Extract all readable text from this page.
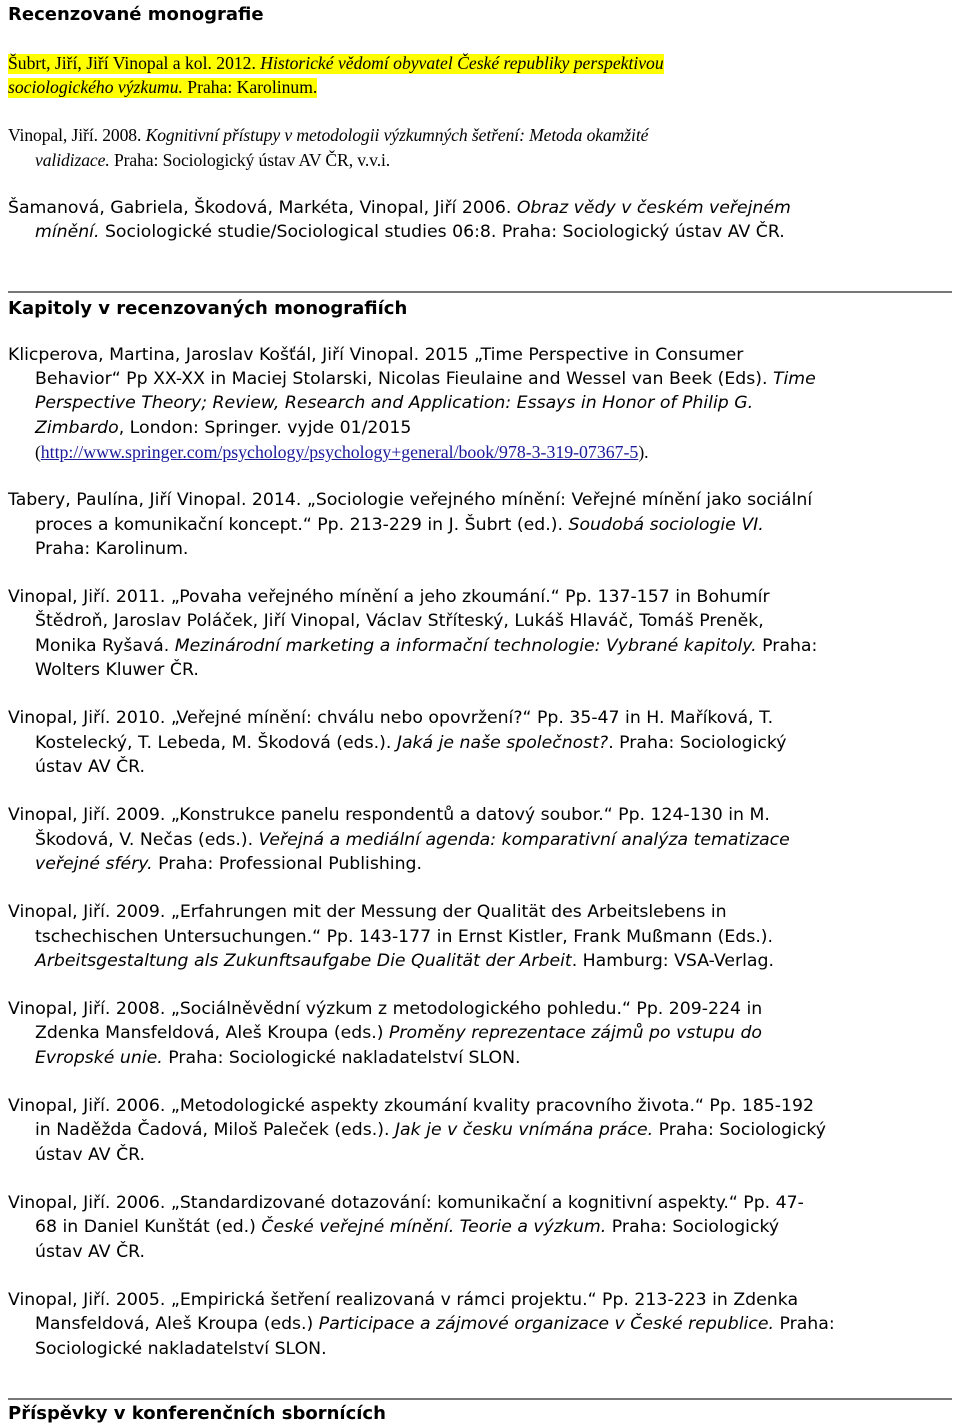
Recenzované monografie
Šubrt, Jiří, Jiří Vinopal a kol. 2012. Historické vědomí obyvatel České republiky perspektivou
sociologického výzkumu. Praha: Karolinum.
Vinopal, Jiří. 2008. Kognitivní přístupy v metodologii výzkumných šetření: Metoda okamžité
validizace. Praha: Sociologický ústav AV ČR, v.v.i.
Šamanová, Gabriela, Škodová, Markéta, Vinopal, Jiří 2006. Obraz vědy v českém veřejném
mínění. Sociologické studie/Sociological studies 06:8. Praha: Sociologický ústav AV ČR.
Kapitoly v recenzovaných monografiích
Klicperova, Martina, Jaroslav Košťál, Jiří Vinopal. 2015 „Time Perspective in Consumer
Behavior“ Pp XX-XX in Maciej Stolarski, Nicolas Fieulaine and Wessel van Beek (Eds). Time
Perspective Theory; Review, Research and Application: Essays in Honor of Philip G.
Zimbardo, London: Springer. vyjde 01/2015
(http://www.springer.com/psychology/psychology+general/book/978-3-319-07367-5).
Tabery, Paulína, Jiří Vinopal. 2014. „Sociologie veřejného mínění: Veřejné mínění jako sociální
proces a komunikační koncept.“ Pp. 213-229 in J. Šubrt (ed.). Soudobá sociologie VI.
Praha: Karolinum.
Vinopal, Jiří. 2011. „Povaha veřejného mínění a jeho zkoumání.“ Pp. 137-157 in Bohumír
Štědroň, Jaroslav Poláček, Jiří Vinopal, Václav Stříteský, Lukáš Hlaváč, Tomáš Preněk,
Monika Ryšavá. Mezinárodní marketing a informační technologie: Vybrané kapitoly. Praha:
Wolters Kluwer ČR.
Vinopal, Jiří. 2010. „Veřejné mínění: chválu nebo opovržení?“ Pp. 35-47 in H. Maříková, T.
Kostelecký, T. Lebeda, M. Škodová (eds.). Jaká je naše společnost?. Praha: Sociologický
ústav AV ČR.
Vinopal, Jiří. 2009. „Konstrukce panelu respondentů a datový soubor.“ Pp. 124-130 in M.
Škodová, V. Nečas (eds.). Veřejná a mediální agenda: komparativní analýza tematizace
veřejné sféry. Praha: Professional Publishing.
Vinopal, Jiří. 2009. „Erfahrungen mit der Messung der Qualität des Arbeitslebens in
tschechischen Untersuchungen.“ Pp. 143-177 in Ernst Kistler, Frank Mußmann (Eds.).
Arbeitsgestaltung als Zukunftsaufgabe Die Qualität der Arbeit. Hamburg: VSA-Verlag.
Vinopal, Jiří. 2008. „Sociálněvědní výzkum z metodologického pohledu.“ Pp. 209-224 in
Zdenka Mansfeldová, Aleš Kroupa (eds.) Proměny reprezentace zájmů po vstupu do
Evropské unie. Praha: Sociologické nakladatelství SLON.
Vinopal, Jiří. 2006. „Metodologické aspekty zkoumání kvality pracovního života.“ Pp. 185-192
in Naděžda Čadová, Miloš Paleček (eds.). Jak je v česku vnímána práce. Praha: Sociologický
ústav AV ČR.
Vinopal, Jiří. 2006. „Standardizované dotazování: komunikační a kognitivní aspekty.“ Pp. 47-
68 in Daniel Kunštát (ed.) České veřejné mínění. Teorie a výzkum. Praha: Sociologický
ústav AV ČR.
Vinopal, Jiří. 2005. „Empirická šetření realizovaná v rámci projektu.“ Pp. 213-223 in Zdenka
Mansfeldová, Aleš Kroupa (eds.) Participace a zájmové organizace v České republice. Praha:
Sociologické nakladatelství SLON.
Příspěvky v konferenčních sbornících
